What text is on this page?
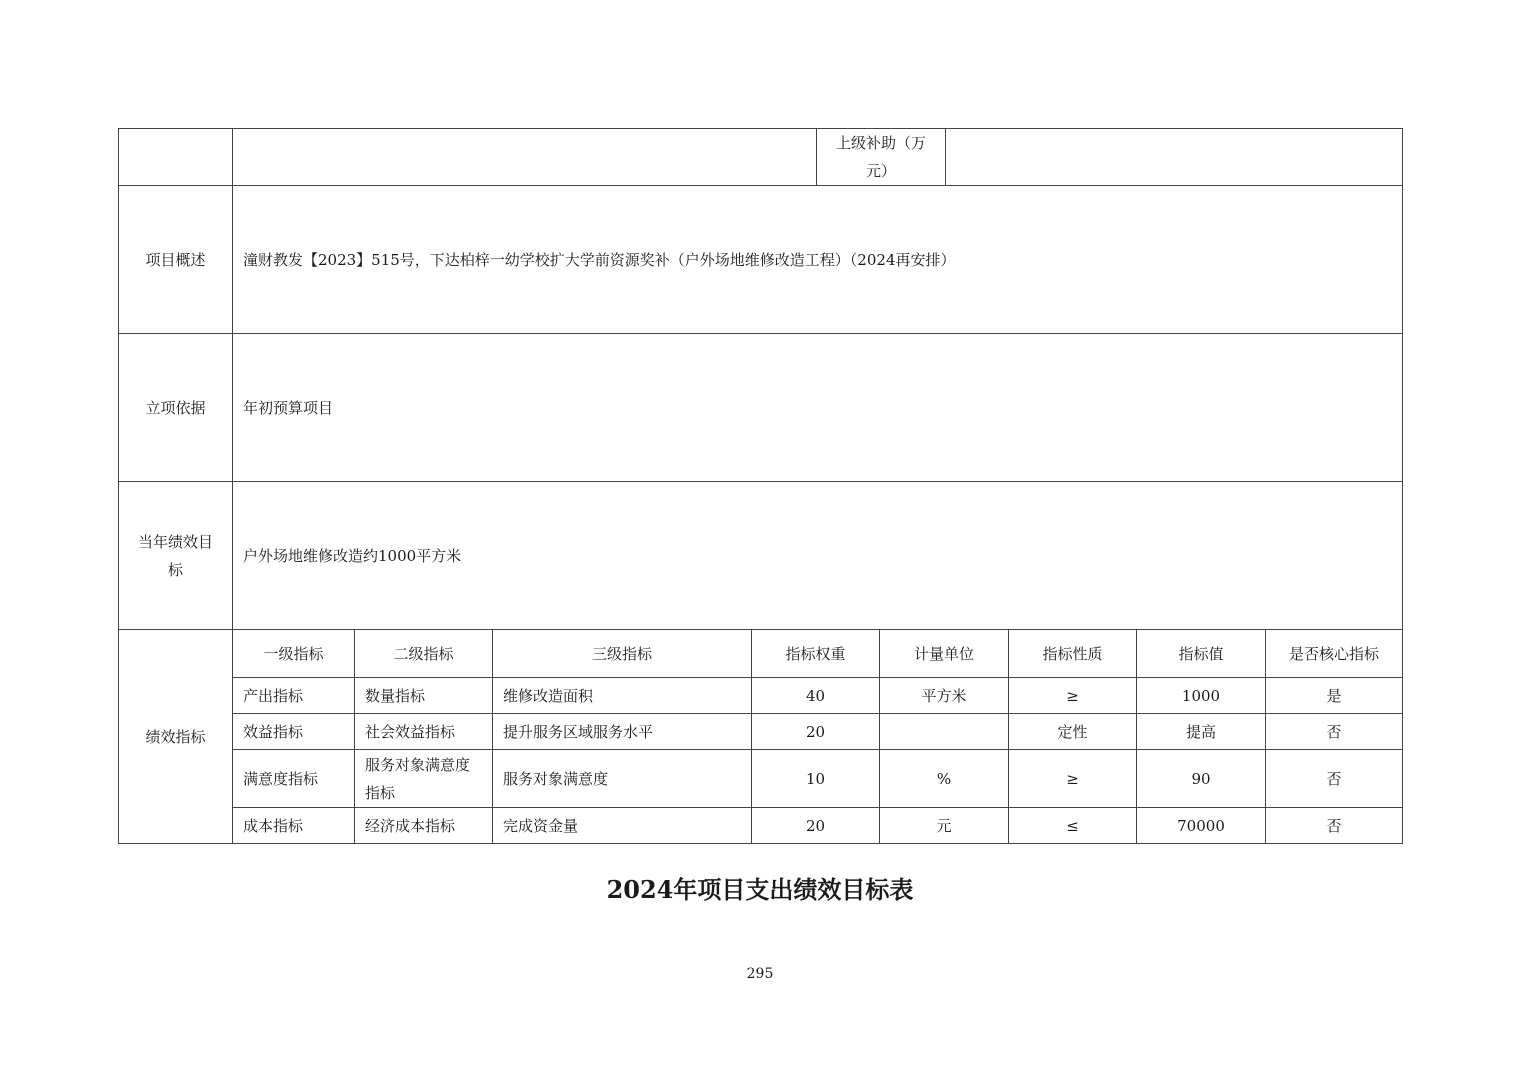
		上级补助（万元）	
项目概述	潼财教发【2023】515号，下达柏梓一幼学校扩大学前资源奖补（户外场地维修改造工程）（2024再安排）		
立项依据	年初预算项目		
当年绩效目标	户外场地维修改造约1000平方米		
绩效指标	一级指标	二级指标	三级指标	指标权重	计量单位	指标性质	指标值	是否核心指标
	产出指标	数量指标	维修改造面积	40	平方米	≥	1000	是
	效益指标	社会效益指标	提升服务区域服务水平	20		定性	提高	否
	满意度指标	服务对象满意度指标	服务对象满意度	10	%	≥	90	否
	成本指标	经济成本指标	完成资金量	20	元	≤	70000	否
2024年项目支出绩效目标表
295
